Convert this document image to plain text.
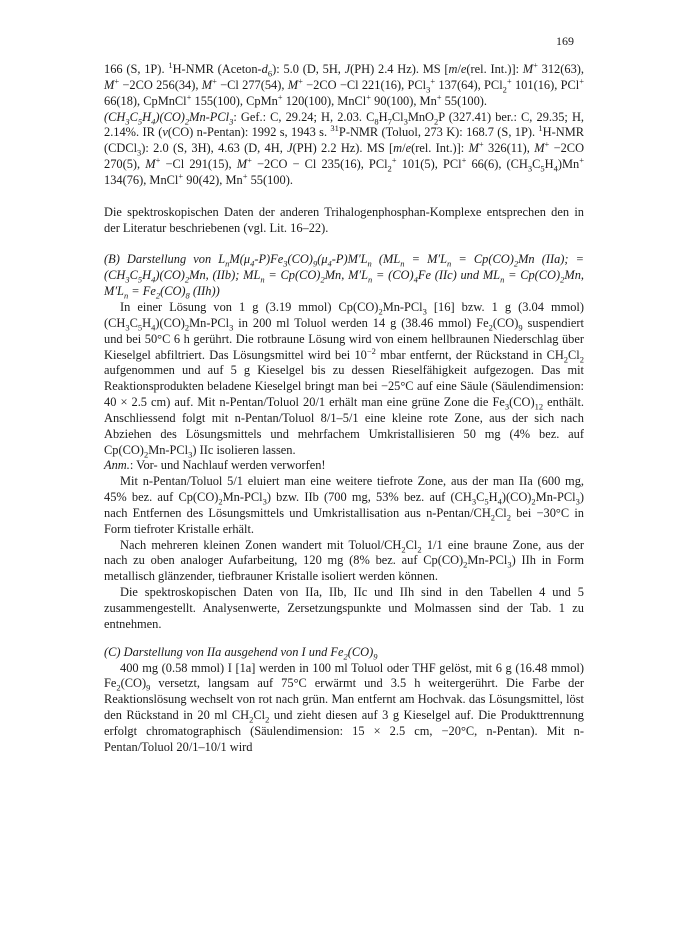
169

166 (S, 1P). $^1$H-NMR $(Aceton-d_6)$: 5.0 (D, 5H, J(PH) 2.4 Hz). MS [m/e(rel. Int.)]: M+ 312(63), M+ −2CO 256(34), M+ −Cl 277(54), M+ −2CO −Cl 221(16), PCl$_3$+ 137(64), PCl$_2$+ 101(16), PCl+ 66(18), CpMnCl+ 155(100), CpMn+ 120(100), MnCl+ 90(100), Mn+ 55(100).

$(CH_3C_5H_4)(CO)_2Mn-PCl_3$: Gef.: C, 29.24; H, 2.03. $C_8H_7Cl_3MnO_2P$ (327.41) ber.: C, 29.35; H, 2.14%. IR (ν(CO) n-Pentan): 1992 s, 1943 s. $^{31}$P-NMR (Toluol, 273 K): 168.7 (S, 1P). $^1$H-NMR (CDCl$_3$): 2.0 (S, 3H), 4.63 (D, 4H, J(PH) 2.2 Hz). MS [m/e(rel. Int.)]: M+ 326(11), M+ −2CO 270(5), M+ −Cl 291(15), M+ −2CO − Cl 235(16), PCl$_2$+ 101(5), PCl+ 66(6), $(CH_3C_5H_4)Mn^+$ 134(76), MnCl+ 90(42), Mn+ 55(100).

Die spektroskopischen Daten der anderen Trihalogenphosphan-Komplexe entsprechen den in der Literatur beschriebenen (vgl. Lit. 16–22).

(B) Darstellung von $L_nM(\mu_4-P)Fe_3(CO)_9(\mu_4-P)M'L_n$ ($ML_n = M'L_n = Cp(CO)_2Mn$ (IIa); = $(CH_3C_5H_4)(CO)_2Mn$, (IIb); $ML_n = Cp(CO)_2Mn$, $M'L_n = (CO)_4Fe$ (IIc) und $ML_n = Cp(CO)_2Mn$, $M'L_n = Fe_2(CO)_8$ (IIh))

In einer Lösung von 1 g (3.19 mmol) $Cp(CO)_2Mn-PCl_3$ [16] bzw. 1 g (3.04 mmol) $(CH_3C_5H_4)(CO)_2Mn-PCl_3$ in 200 ml Toluol werden 14 g (38.46 mmol) $Fe_2(CO)_9$ suspendiert und bei 50°C 6 h gerührt. Die rotbraune Lösung wird von einem hellbraunen Niederschlag über Kieselgel abfiltriert. Das Lösungsmittel wird bei $10^{-2}$ mbar entfernt, der Rückstand in $CH_2Cl_2$ aufgenommen und auf 5 g Kieselgel bis zu dessen Rieselfähigkeit aufgezogen. Das mit Reaktionsprodukten beladene Kieselgel bringt man bei −25°C auf eine Säule (Säulendimension: 40 × 2.5 cm) auf. Mit n-Pentan/Toluol 20/1 erhält man eine grüne Zone die $Fe_3(CO)_{12}$ enthält. Anschliessend folgt mit n-Pentan/Toluol 8/1–5/1 eine kleine rote Zone, aus der sich nach Abziehen des Lösungsmittels und mehrfachem Umkristallisieren 50 mg (4% bez. auf $Cp(CO)_2Mn-PCl_3$) IIc isolieren lassen.

Anm.: Vor- und Nachlauf werden verworfen!

Mit n-Pentan/Toluol 5/1 eluiert man eine weitere tiefrote Zone, aus der man IIa (600 mg, 45% bez. auf $Cp(CO)_2Mn-PCl_3$) bzw. IIb (700 mg, 53% bez. auf $(CH_3C_5H_4)(CO)_2Mn-PCl_3$) nach Entfernen des Lösungsmittels und Umkristallisation aus $n-Pentan/CH_2Cl_2$ bei −30°C in Form tiefroter Kristalle erhält.

Nach mehreren kleinen Zonen wandert mit Toluol/$CH_2Cl_2$ 1/1 eine braune Zone, aus der nach zu oben analoger Aufarbeitung, 120 mg (8% bez. auf $Cp(CO)_2Mn-PCl_3$) IIh in Form metallisch glänzender, tiefbrauner Kristalle isoliert werden können.

Die spektroskopischen Daten von IIa, IIb, IIc und IIh sind in den Tabellen 4 und 5 zusammengestellt. Analysenwerte, Zersetzungspunkte und Molmassen sind der Tab. 1 zu entnehmen.

(C) Darstellung von IIa ausgehend von I und $Fe_2(CO)_9$

400 mg (0.58 mmol) I [1a] werden in 100 ml Toluol oder THF gelöst, mit 6 g (16.48 mmol) $Fe_2(CO)_9$ versetzt, langsam auf 75°C erwärmt und 3.5 h weitergerührt. Die Farbe der Reaktionslösung wechselt von rot nach grün. Man entfernt am Hochvak. das Lösungsmittel, löst den Rückstand in 20 ml $CH_2Cl_2$ und zieht diesen auf 3 g Kieselgel auf. Die Produkttrennung erfolgt chromatographisch (Säulendimension: 15 × 2.5 cm, −20°C, n-Pentan). Mit n-Pentan/Toluol 20/1–10/1 wird
